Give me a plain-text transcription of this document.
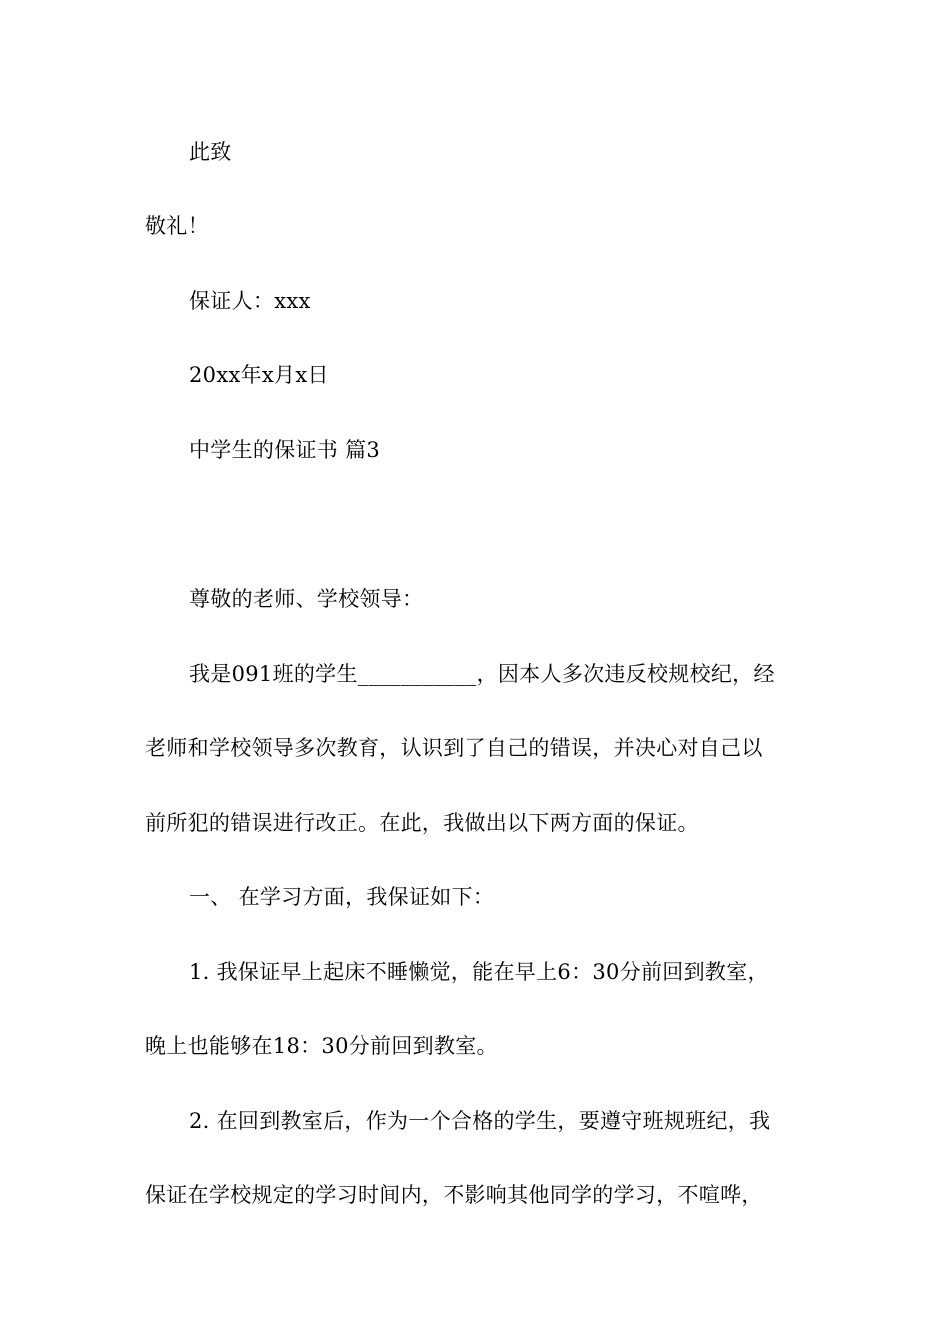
此致
敬礼！
保证人：xxx
20xx年x月x日
中学生的保证书 篇3
尊敬的老师、学校领导：
我是091班的学生___________，因本人多次违反校规校纪，经
老师和学校领导多次教育，认识到了自己的错误，并决心对自己以
前所犯的错误进行改正。在此，我做出以下两方面的保证。
一、 在学习方面，我保证如下：
1. 我保证早上起床不睡懒觉，能在早上6：30分前回到教室，
晚上也能够在18：30分前回到教室。
2. 在回到教室后，作为一个合格的学生，要遵守班规班纪，我
保证在学校规定的学习时间内，不影响其他同学的学习，不喧哗，
